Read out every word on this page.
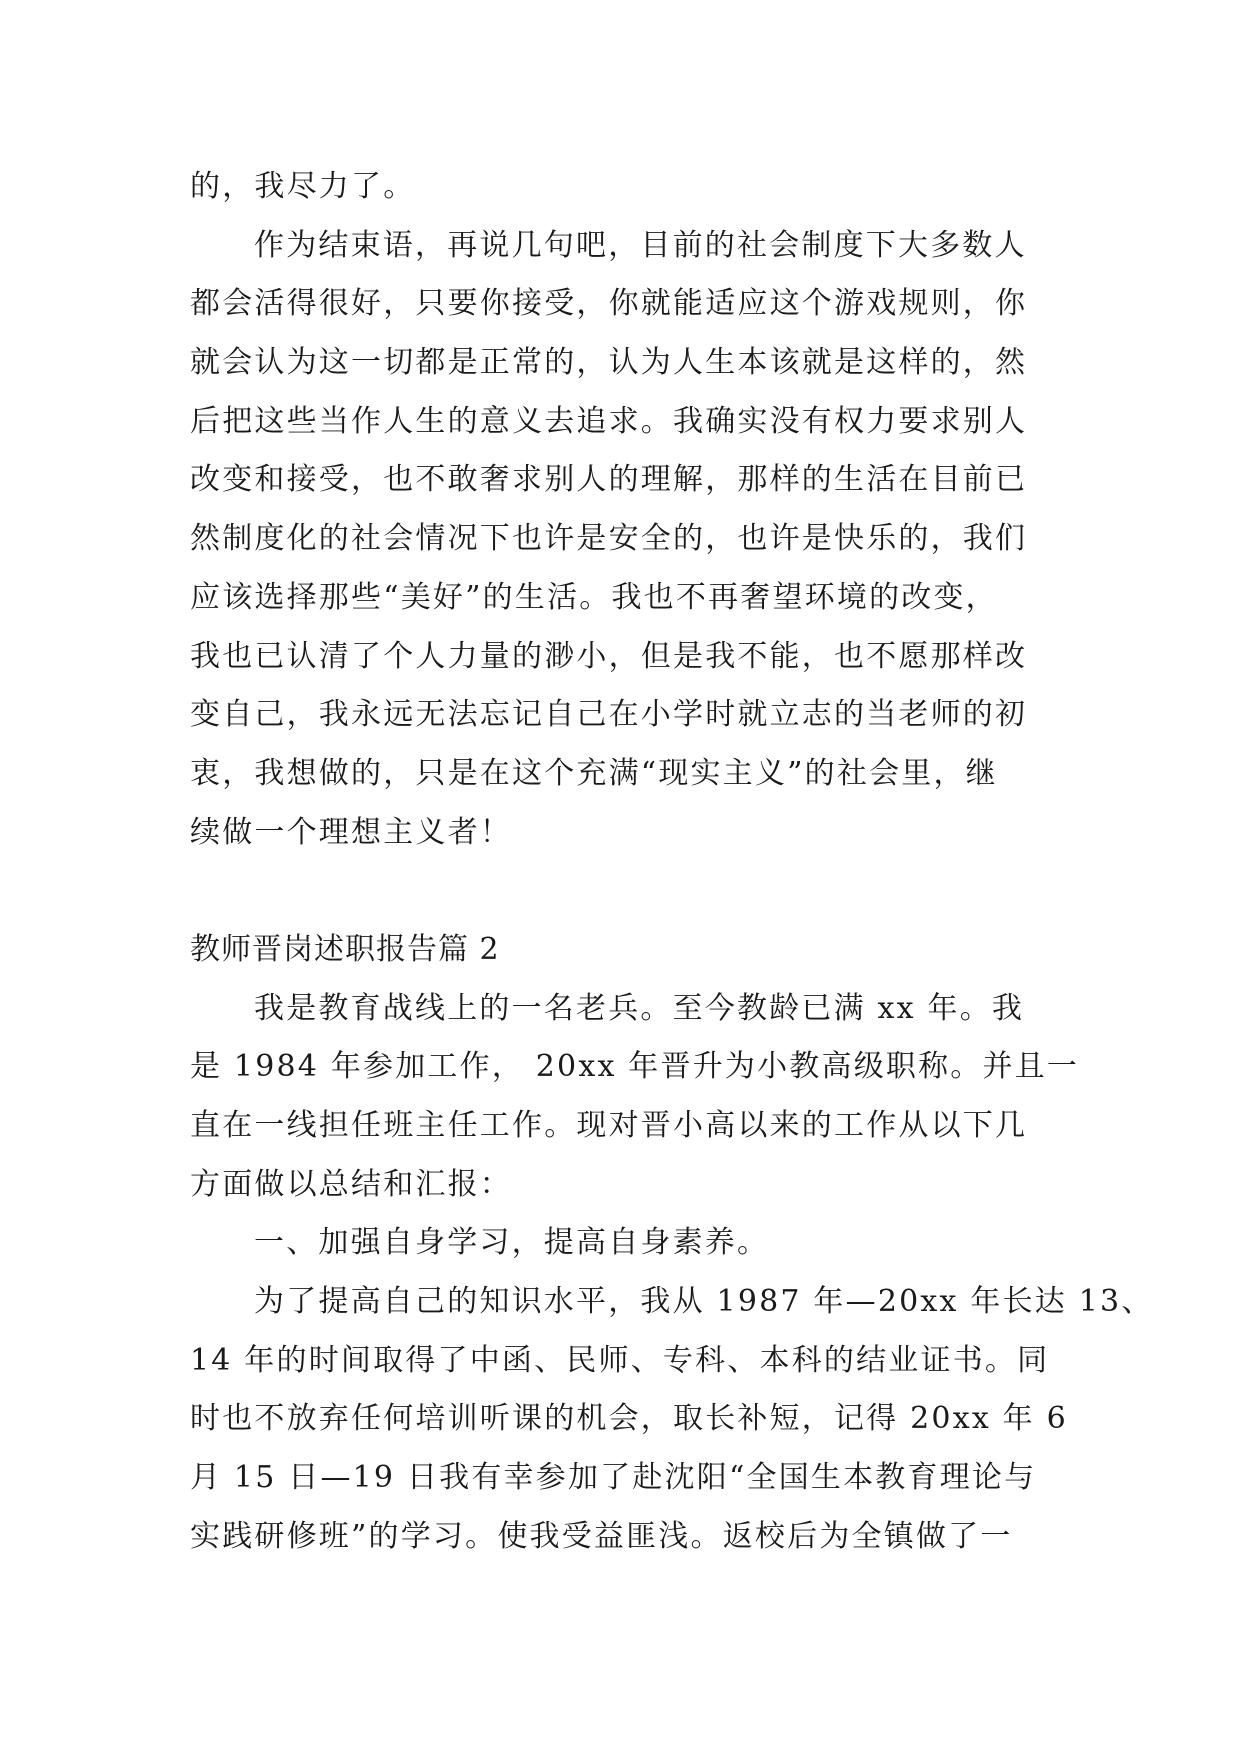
的，我尽力了。
作为结束语，再说几句吧，目前的社会制度下大多数人
都会活得很好，只要你接受，你就能适应这个游戏规则，你
就会认为这一切都是正常的，认为人生本该就是这样的，然
后把这些当作人生的意义去追求。我确实没有权力要求别人
改变和接受，也不敢奢求别人的理解，那样的生活在目前已
然制度化的社会情况下也许是安全的，也许是快乐的，我们
应该选择那些“美好”的生活。我也不再奢望环境的改变，
我也已认清了个人力量的渺小，但是我不能，也不愿那样改
变自己，我永远无法忘记自己在小学时就立志的当老师的初
衷，我想做的，只是在这个充满“现实主义”的社会里，继
续做一个理想主义者！
教师晋岗述职报告篇 2
我是教育战线上的一名老兵。至今教龄已满 xx 年。我
是 1984 年参加工作， 20xx 年晋升为小教高级职称。并且一
直在一线担任班主任工作。现对晋小高以来的工作从以下几
方面做以总结和汇报：
一、加强自身学习，提高自身素养。
为了提高自己的知识水平，我从 1987 年—20xx 年长达 13、
14 年的时间取得了中函、民师、专科、本科的结业证书。同
时也不放弃任何培训听课的机会，取长补短，记得 20xx 年 6
月 15 日—19 日我有幸参加了赴沈阳“全国生本教育理论与
实践研修班”的学习。使我受益匪浅。返校后为全镇做了一
